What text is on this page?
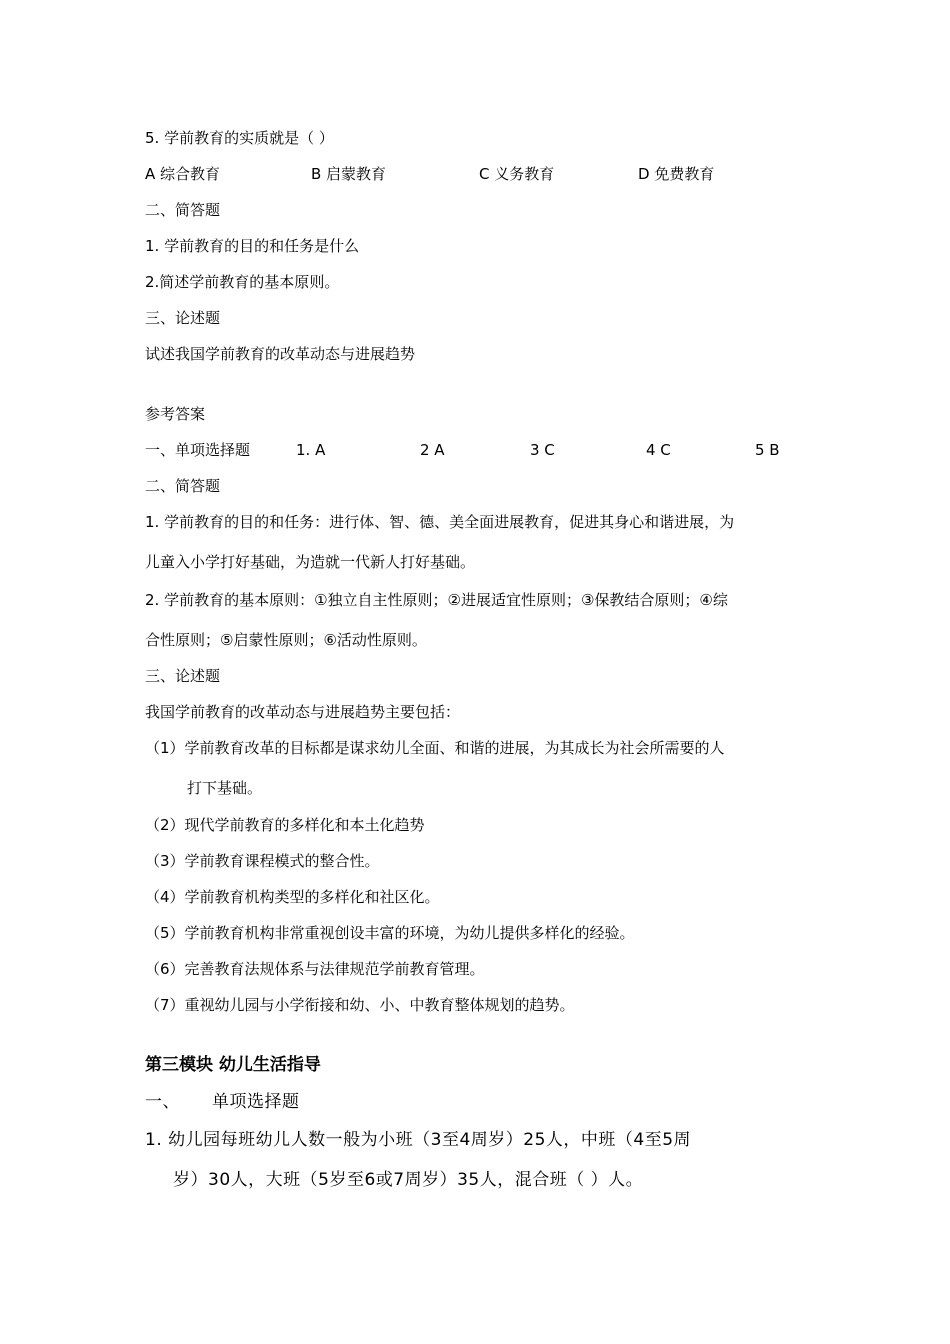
5. 学前教育的实质就是（ ）
A 综合教育	B 启蒙教育	C 义务教育	D 免费教育
二、简答题
1. 学前教育的目的和任务是什么
2.简述学前教育的基本原则。
三、论述题
试述我国学前教育的改革动态与进展趋势
参考答案
一、单项选择题	1. A	2 A	3 C	4 C	5 B
二、简答题
1. 学前教育的目的和任务：进行体、智、德、美全面进展教育，促进其身心和谐进展，为
儿童入小学打好基础，为造就一代新人打好基础。
2. 学前教育的基本原则：①独立自主性原则；②进展适宜性原则；③保教结合原则；④综
合性原则；⑤启蒙性原则；⑥活动性原则。
三、论述题
我国学前教育的改革动态与进展趋势主要包括：
（1）学前教育改革的目标都是谋求幼儿全面、和谐的进展，为其成长为社会所需要的人
打下基础。
（2）现代学前教育的多样化和本土化趋势
（3）学前教育课程模式的整合性。
（4）学前教育机构类型的多样化和社区化。
（5）学前教育机构非常重视创设丰富的环境，为幼儿提供多样化的经验。
（6）完善教育法规体系与法律规范学前教育管理。
（7）重视幼儿园与小学衔接和幼、小、中教育整体规划的趋势。
第三模块 幼儿生活指导
一、 单项选择题
1. 幼儿园每班幼儿人数一般为小班（3至4周岁）25人，中班（4至5周
岁）30人，大班（5岁至6或7周岁）35人，混合班（ ）人。
